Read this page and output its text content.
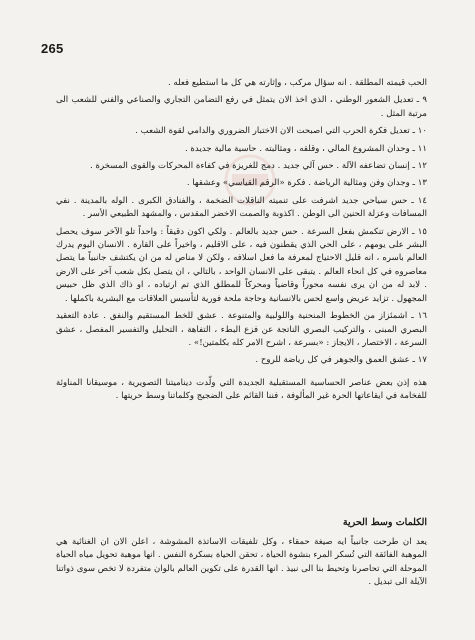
265

الحب قيمته المطلقة . انه سؤال مركب ، وإثارته هي كل ما استطيع فعله .

٩ ـ تعديل الشعور الوطني ، الذي اخذ الان يتمثل في رفع التضامن التجاري والصناعي والفني للشعب الى مرتبة المثل .

١٠ ـ تعديل فكرة الحرب التي اصبحت الان الاختبار الضروري والدامي لقوة الشعب .

١١ ـ وحدان المشروع المالي ، وقلقه ، ومثالبته . حاسية مالية جديدة .

١٢ ـ إنسان تضاعفه الآلة . حس آلي جديد . دمج للغريزة في كفاءة المحركات والقوى المسخرة .

١٣ ـ وجدان وفن ومثالية الرياضة . فكرة «الرقم القياسي» وعشقها .

١٤ ـ حس سياحي جديد اشرفت على تنميته الناقلات الضخمة ، والفنادق الكبرى . الوله بالمدينة . نفي المسافات وعزلة الحنين الى الوطن . اكذوبة والصمت الاخضر المقدس ، والمشهد الطبيعي الأسر .

١٥ ـ الارض تنكمش بفعل السرعة . حس جديد بالعالم . ولكي اكون دقيقاً : واحداً تلو الآخر سوف يحصل البشر على يومهم ، على الحي الذي يقطنون فيه ، على الاقليم ، واخيراً على القارة . الانسان اليوم يدرك العالم باسره ، انه قليل الاحتياج لمعرفة ما فعل اسلافه ، ولكن لا مناص له من ان يكتشف جانبياً ما يتصل معاصروه في كل انحاء العالم . يتبقى على الانسان الواحد ، بالتالي ، ان يتصل بكل شعب آخر على الارض . لابد له من ان يرى نفسه محوراً وقاضياً ومحركاً للمطلق الذي تم ارتياده ، او ذاك الذي ظل حبيس المجهول . تزايد عريض واسع لحس بالانسانية وحاجة ملحة فورية لتأسيس العلاقات مع البشرية باكملها .

١٦ ـ اشمئزاز من الخطوط المنحنية واللولبية والمتنوعة . عشق للخط المستقيم والنفق . عادة التعقيد البصري المبنى ، والتركيب البصري الناتجة عن فزع البطء ، التفاهة ، التحليل والتفسير المفصل ، عشق السرعة ، الاختصار ، الايجاز : «بسرعة ، اشرح الامر كله بكلمتين!» .

١٧ ـ عشق العمق والجوهر في كل رياضة للروح .

هذه إذن بعض عناصر الحساسية المستقبلية الجديدة التي ولّدت ديناميتنا التصويرية ، موسيقانا المناوئة للفخامة في ايقاعاتها الحرة غير المألوفة ، فننا القائم على الضجيج وكلماتنا وسط حريتها .

الكلمات وسط الحرية

يعد ان طرحت جانبياً ايه صيغة حمقاء ، وكل تلفيقات الاساتذة المشوشة ، اعلن الان ان الغنائية هي الموهبة الفائقة التي تُسكر المرء بنشوة الحياة ، تحقن الحياة بسكرة النفس . انها موهبة تحويل مياه الحياة الموحلة التي تحاصرنا وتحيط بنا الى نبيذ . انها القدرة على تكوين العالم بالوان متفردة لا تخص سوى ذواتنا الآيلة الى تبديل .
